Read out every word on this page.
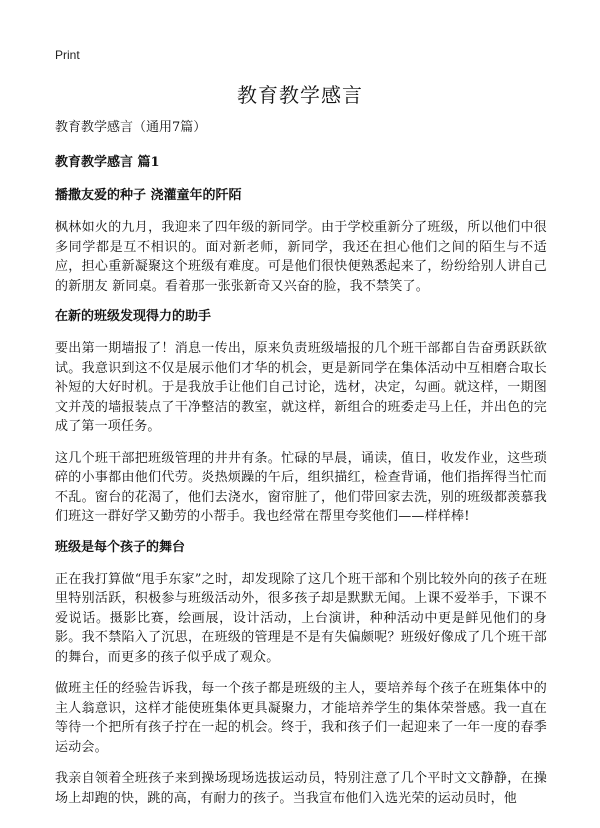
Print
教育教学感言

教育教学感言（通用7篇）

教育教学感言 篇1

播撒友爱的种子 浇灌童年的阡陌

枫林如火的九月，我迎来了四年级的新同学。由于学校重新分了班级，所以他们中很多同学都是互不相识的。面对新老师，新同学，我还在担心他们之间的陌生与不适应，担心重新凝聚这个班级有难度。可是他们很快便熟悉起来了，纷纷给别人讲自己的新朋友 新同桌。看着那一张张新奇又兴奋的脸，我不禁笑了。

在新的班级发现得力的助手

要出第一期墙报了！消息一传出，原来负责班级墙报的几个班干部都自告奋勇跃跃欲试。我意识到这不仅是展示他们才华的机会，更是新同学在集体活动中互相磨合取长补短的大好时机。于是我放手让他们自己讨论，选材，决定，勾画。就这样，一期图文并茂的墙报装点了干净整洁的教室，就这样，新组合的班委走马上任，并出色的完成了第一项任务。

这几个班干部把班级管理的井井有条。忙碌的早晨，诵读，值日，收发作业，这些琐碎的小事都由他们代劳。炎热烦躁的午后，组织描红，检查背诵，他们指挥得当忙而不乱。窗台的花渴了，他们去浇水，窗帘脏了，他们带回家去洗，别的班级都羡慕我们班这一群好学又勤劳的小帮手。我也经常在帮里夸奖他们——样样棒!

班级是每个孩子的舞台

正在我打算做“甩手东家”之时，却发现除了这几个班干部和个别比较外向的孩子在班里特别活跃，积极参与班级活动外，很多孩子却是默默无闻。上课不爱举手，下课不爱说话。摄影比赛，绘画展，设计活动，上台演讲，种种活动中更是鲜见他们的身影。我不禁陷入了沉思，在班级的管理是不是有失偏颇呢？班级好像成了几个班干部的舞台，而更多的孩子似乎成了观众。

做班主任的经验告诉我，每一个孩子都是班级的主人，要培养每个孩子在班集体中的主人翁意识，这样才能使班集体更具凝聚力，才能培养学生的集体荣誉感。我一直在等待一个把所有孩子拧在一起的机会。终于，我和孩子们一起迎来了一年一度的春季运动会。

我亲自领着全班孩子来到操场现场选拔运动员，特别注意了几个平时文文静静，在操场上却跑的快，跳的高，有耐力的孩子。当我宣布他们入选光荣的运动员时，他
